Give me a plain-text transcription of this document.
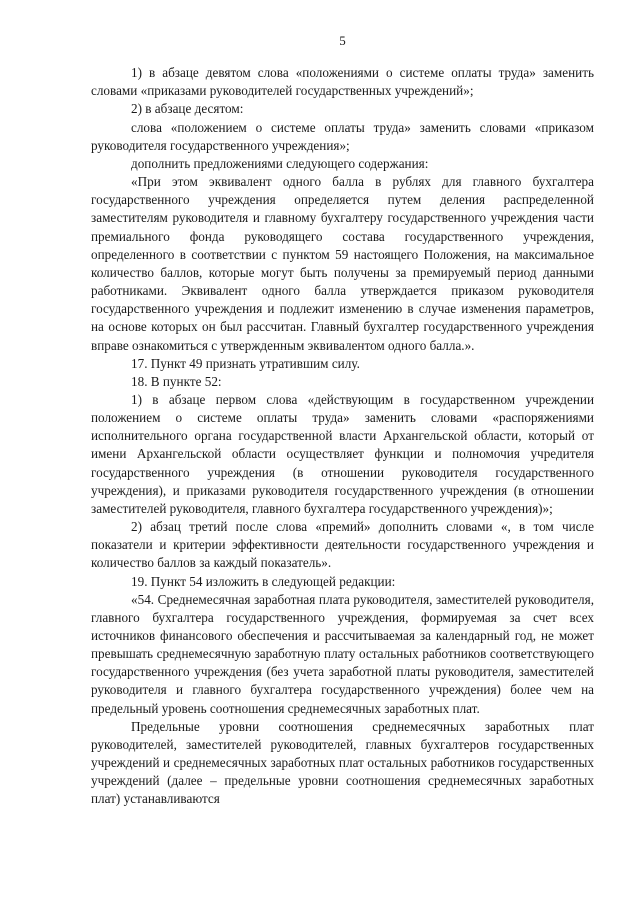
5

1) в абзаце девятом слова «положениями о системе оплаты труда» заменить словами «приказами руководителей государственных учреждений»;

2) в абзаце десятом:

слова «положением о системе оплаты труда» заменить словами «приказом руководителя государственного учреждения»;

дополнить предложениями следующего содержания:

«При этом эквивалент одного балла в рублях для главного бухгалтера государственного учреждения определяется путем деления распределенной заместителям руководителя и главному бухгалтеру государственного учреждения части премиального фонда руководящего состава государственного учреждения, определенного в соответствии с пунктом 59 настоящего Положения, на максимальное количество баллов, которые могут быть получены за премируемый период данными работниками. Эквивалент одного балла утверждается приказом руководителя государственного учреждения и подлежит изменению в случае изменения параметров, на основе которых он был рассчитан. Главный бухгалтер государственного учреждения вправе ознакомиться с утвержденным эквивалентом одного балла.».

17. Пункт 49 признать утратившим силу.

18. В пункте 52:

1) в абзаце первом слова «действующим в государственном учреждении положением о системе оплаты труда» заменить словами «распоряжениями исполнительного органа государственной власти Архангельской области, который от имени Архангельской области осуществляет функции и полномочия учредителя государственного учреждения (в отношении руководителя государственного учреждения), и приказами руководителя государственного учреждения (в отношении заместителей руководителя, главного бухгалтера государственного учреждения)»;

2) абзац третий после слова «премий» дополнить словами «, в том числе показатели и критерии эффективности деятельности государственного учреждения и количество баллов за каждый показатель».

19. Пункт 54 изложить в следующей редакции:

«54. Среднемесячная заработная плата руководителя, заместителей руководителя, главного бухгалтера государственного учреждения, формируемая за счет всех источников финансового обеспечения и рассчитываемая за календарный год, не может превышать среднемесячную заработную плату остальных работников соответствующего государственного учреждения (без учета заработной платы руководителя, заместителей руководителя и главного бухгалтера государственного учреждения) более чем на предельный уровень соотношения среднемесячных заработных плат.

Предельные уровни соотношения среднемесячных заработных плат руководителей, заместителей руководителей, главных бухгалтеров государственных учреждений и среднемесячных заработных плат остальных работников государственных учреждений (далее – предельные уровни соотношения среднемесячных заработных плат) устанавливаются
